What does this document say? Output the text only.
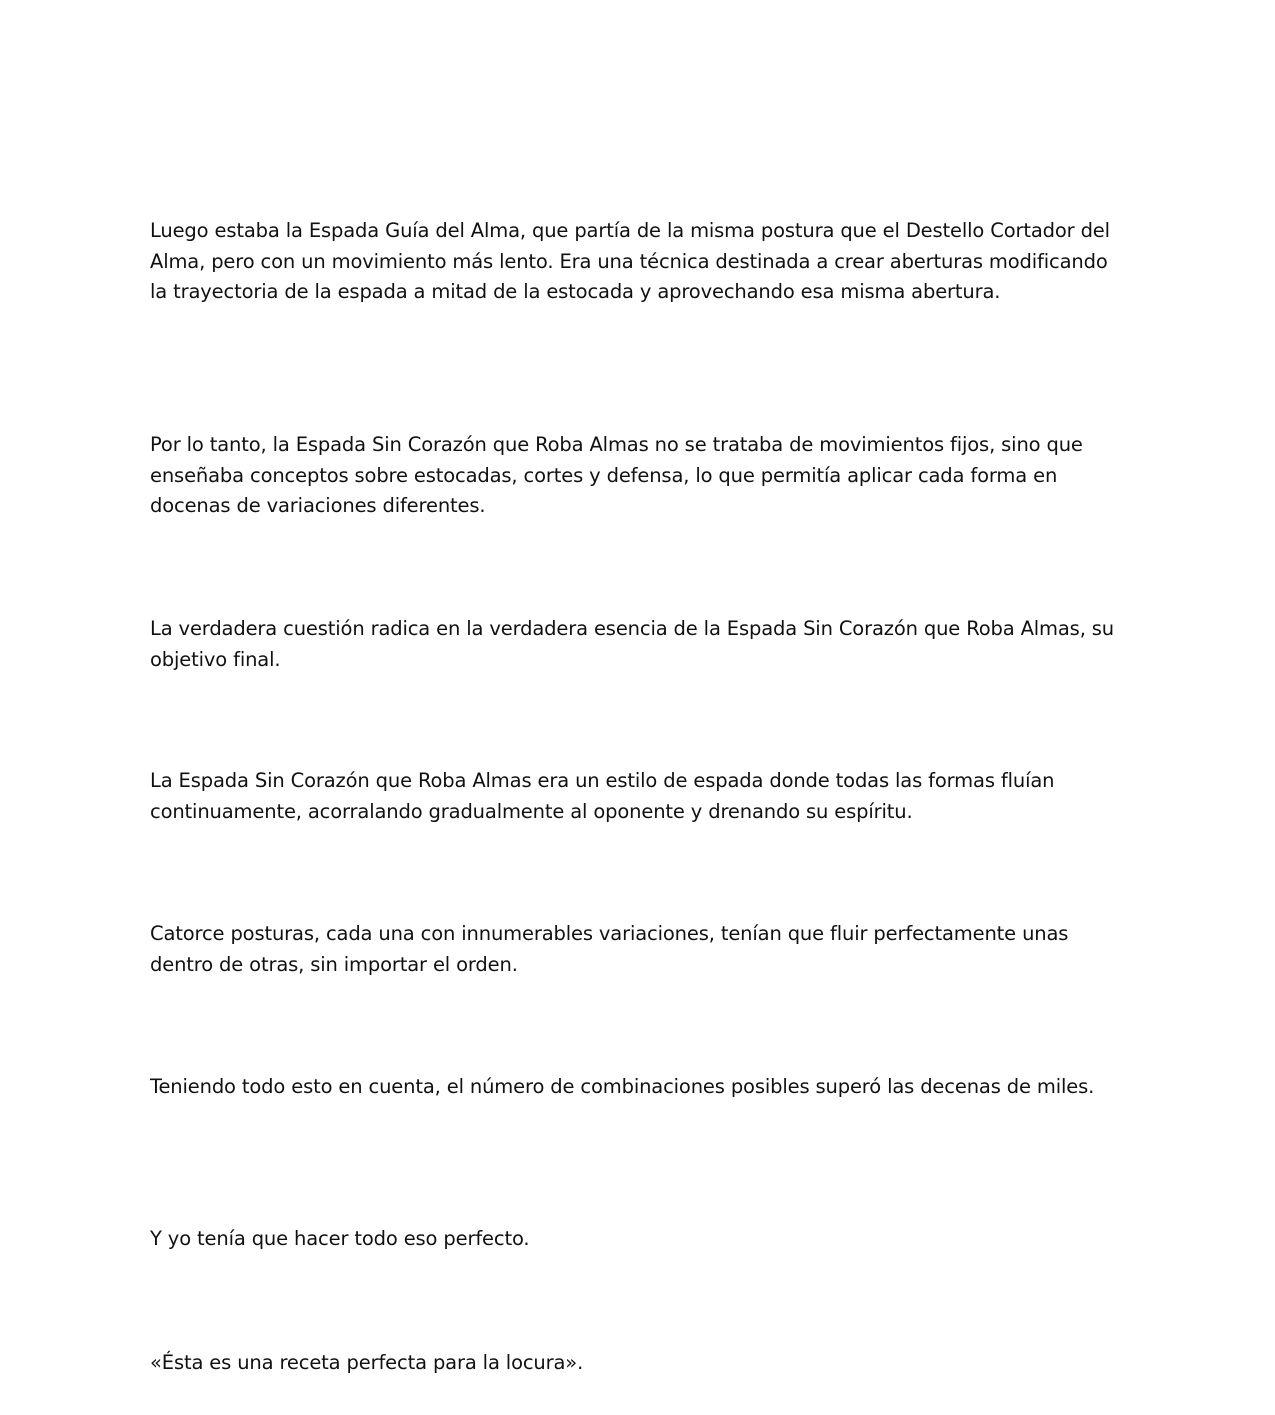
Luego estaba la Espada Guía del Alma, que partía de la misma postura que el Destello Cortador del Alma, pero con un movimiento más lento. Era una técnica destinada a crear aberturas modificando la trayectoria de la espada a mitad de la estocada y aprovechando esa misma abertura.

Por lo tanto, la Espada Sin Corazón que Roba Almas no se trataba de movimientos fijos, sino que enseñaba conceptos sobre estocadas, cortes y defensa, lo que permitía aplicar cada forma en docenas de variaciones diferentes.

La verdadera cuestión radica en la verdadera esencia de la Espada Sin Corazón que Roba Almas, su objetivo final.

La Espada Sin Corazón que Roba Almas era un estilo de espada donde todas las formas fluían continuamente, acorralando gradualmente al oponente y drenando su espíritu.

Catorce posturas, cada una con innumerables variaciones, tenían que fluir perfectamente unas dentro de otras, sin importar el orden.

Teniendo todo esto en cuenta, el número de combinaciones posibles superó las decenas de miles.

Y yo tenía que hacer todo eso perfecto.

«Ésta es una receta perfecta para la locura».
